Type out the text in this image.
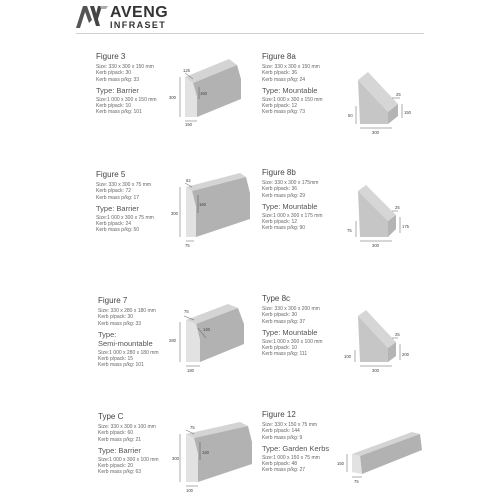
AVENG
INFRASET
Figure 3
Size: 330 x 300 x 150 mm
Kerb p/pack: 30
Kerb mass p/kg: 33
Type: Barrier
Size:1 000 x 300 x 150 mm
Kerb p/pack: 10
Kerb mass p/kg: 101
125
160
300
150
Figure 8a
Size: 330 x 300 x 150 mm
Kerb p/pack: 36
Kerb mass p/kg: 24
Type: Mountable
Size:1 000 x 300 x 150 mm
Kerb p/pack: 12
Kerb mass p/kg: 73
25
150
50
300
Figure 5
Size: 330 x 300 x 75 mm
Kerb p/pack: 72
Kerb mass p/kg: 17
Type: Barrier
Size:1 000 x 300 x 75 mm
Kerb p/pack: 24
Kerb mass p/kg: 50
62
160
300
75
Figure 8b
Size: 330 x 300 x 175mm
Kerb p/pack: 36
Kerb mass p/kg: 29
Type: Mountable
Size:1 000 x 300 x 175 mm
Kerb p/pack: 12
Kerb mass p/kg: 90
25
175
75
300
Figure 7
Size: 330 x 280 x 180 mm
Kerb p/pack: 30
Kerb mass p/kg: 33
Type:
Semi-mountable
Size:1 000 x 280 x 180 mm
Kerb p/pack: 15
Kerb mass p/kg: 101
75
140
280
180
Type 8c
Size: 330 x 300 x 200 mm
Kerb p/pack: 30
Kerb mass p/kg: 37
Type: Mountable
Size:1 000 x 300 x 100 mm
Kerb p/pack: 10
Kerb mass p/kg: 111
25
200
100
300
Type C
Size: 330 x 300 x 100 mm
Kerb p/pack: 60
Kerb mass p/kg: 21
Type: Barrier
Size:1 000 x 300 x 100 mm
Kerb p/pack: 20
Kerb mass p/kg: 63
75
160
300
100
Figure 12
Size: 330 x 150 x 75 mm
Kerb p/pack: 144
Kerb mass p/kg: 9
Type: Garden Kerbs
Size:1 000 x 150 x 75 mm
Kerb p/pack: 48
Kerb mass p/kg: 27
150
75
